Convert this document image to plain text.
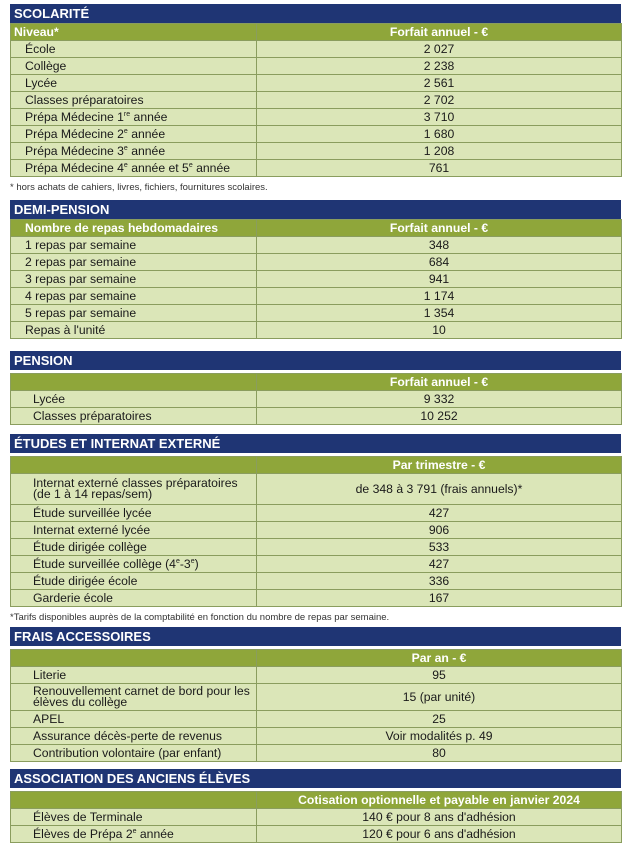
SCOLARITÉ
Niveau*	Forfait annuel - €
École	2 027
Collège	2 238
Lycée	2 561
Classes préparatoires	2 702
Prépa Médecine 1re année	3 710
Prépa Médecine 2e année	1 680
Prépa Médecine 3e année	1 208
Prépa Médecine 4e année et 5e année	761
* hors achats de cahiers, livres, fichiers, fournitures scolaires.
DEMI-PENSION
Nombre de repas hebdomadaires	Forfait annuel - €
1 repas par semaine	348
2 repas par semaine	684
3 repas par semaine	941
4 repas par semaine	1 174
5 repas par semaine	1 354
Repas à l'unité	10
PENSION
	Forfait annuel - €
Lycée	9 332
Classes préparatoires	10 252
ÉTUDES ET INTERNAT EXTERNÉ
	Par trimestre - €
Internat externé classes préparatoires (de 1 à 14 repas/sem)	de 348 à 3 791 (frais annuels)*
Étude surveillée lycée	427
Internat externé lycée	906
Étude dirigée collège	533
Étude surveillée collège (4e-3e)	427
Étude dirigée école	336
Garderie école	167
*Tarifs disponibles auprès de la comptabilité en fonction du nombre de repas par semaine.
FRAIS ACCESSOIRES
	Par an - €
Literie	95
Renouvellement carnet de bord pour les élèves du collège	15 (par unité)
APEL	25
Assurance décès-perte de revenus	Voir modalités p. 49
Contribution volontaire (par enfant)	80
ASSOCIATION DES ANCIENS ÉLÈVES
	Cotisation optionnelle et payable en janvier 2024
Élèves de Terminale	140 € pour 8 ans d'adhésion
Élèves de Prépa 2e année	120 € pour 6 ans d'adhésion
